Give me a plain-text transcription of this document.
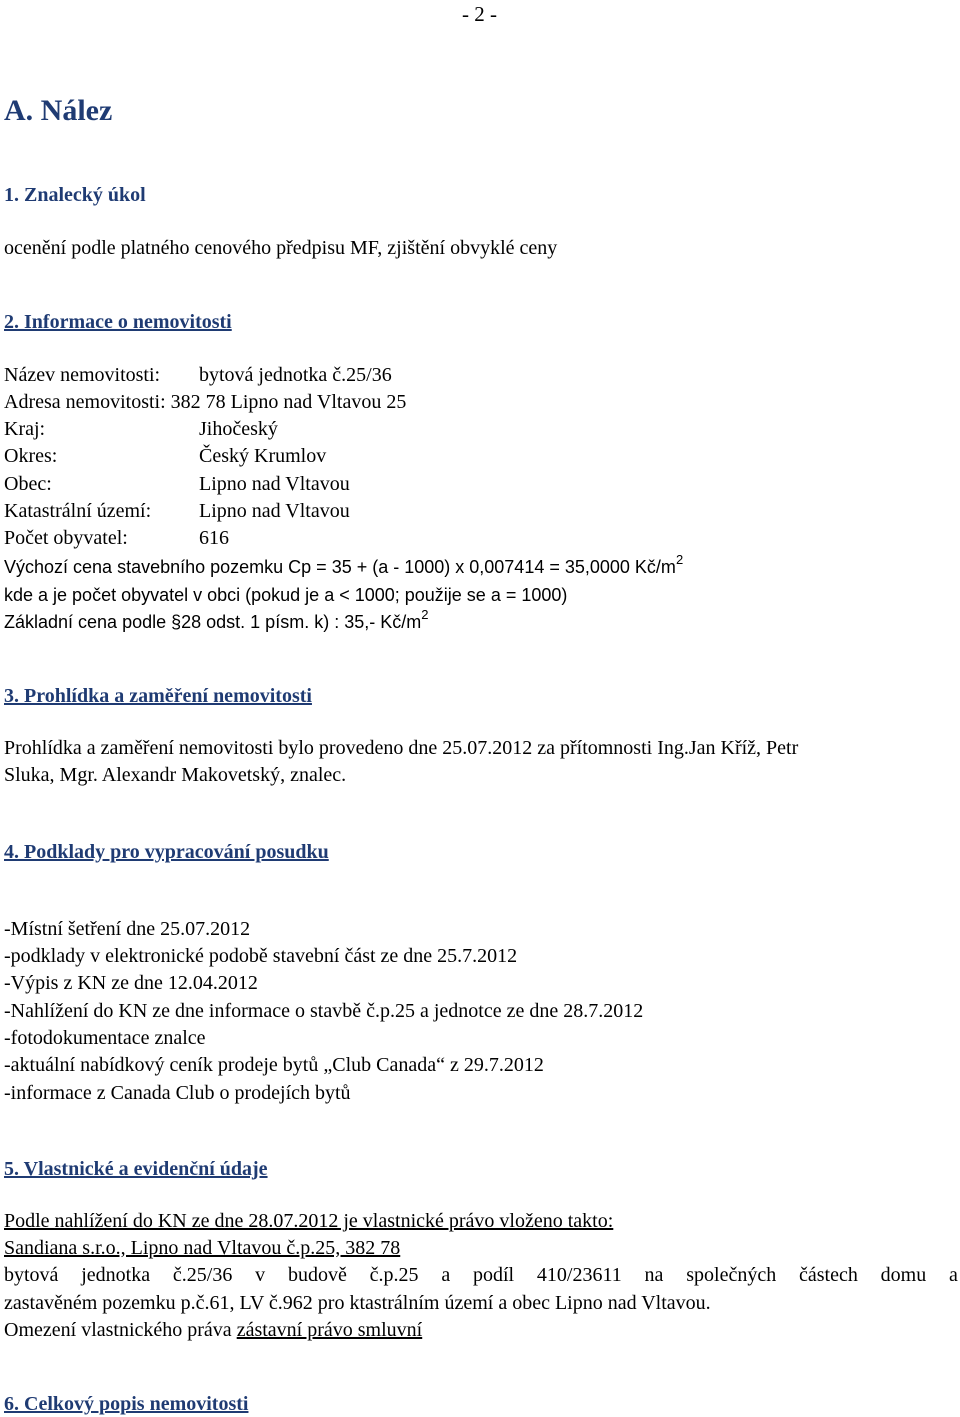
- 2 -
A. Nález
1. Znalecký úkol
ocenění podle platného cenového předpisu MF, zjištění obvyklé ceny
2. Informace o nemovitosti
Název nemovitosti: bytová jednotka č.25/36
Adresa nemovitosti: 382 78 Lipno nad Vltavou 25
Kraj:	Jihočeský
Okres:	Český Krumlov
Obec:	Lipno nad Vltavou
Katastrální území: Lipno nad Vltavou
Počet obyvatel:	616
Výchozí cena stavebního pozemku Cp = 35 + (a - 1000) x 0,007414 = 35,0000 $Kč/m^2$
kde a je počet obyvatel v obci (pokud je a < 1000; použije se a = 1000)
Základní cena podle §28 odst. 1 písm. k) : 35,- $Kč/m^2$
3. Prohlídka a zaměření nemovitosti
Prohlídka a zaměření nemovitosti bylo provedeno dne 25.07.2012 za přítomnosti Ing.Jan Kříž, Petr
Sluka, Mgr. Alexandr Makovetský, znalec.
4. Podklady pro vypracování posudku
-Místní šetření dne 25.07.2012
-podklady v elektronické podobě stavební část ze dne 25.7.2012
-Výpis z KN ze dne 12.04.2012
-Nahlížení do KN ze dne informace o stavbě č.p.25 a jednotce ze dne 28.7.2012
-fotodokumentace znalce
-aktuální nabídkový ceník prodeje bytů „Club Canada“ z 29.7.2012
-informace z Canada Club o prodejích bytů
5. Vlastnické a evidenční údaje
Podle nahlížení do KN ze dne 28.07.2012 je vlastnické právo vloženo takto:
Sandiana s.r.o., Lipno nad Vltavou č.p.25, 382 78
bytová jednotka č.25/36 v budově č.p.25 a podíl 410/23611 na společných částech domu a
zastavěném pozemku p.č.61, LV č.962 pro ktastrálním území a obec Lipno nad Vltavou.
Omezení vlastnického práva zástavní právo smluvní
6. Celkový popis nemovitosti
